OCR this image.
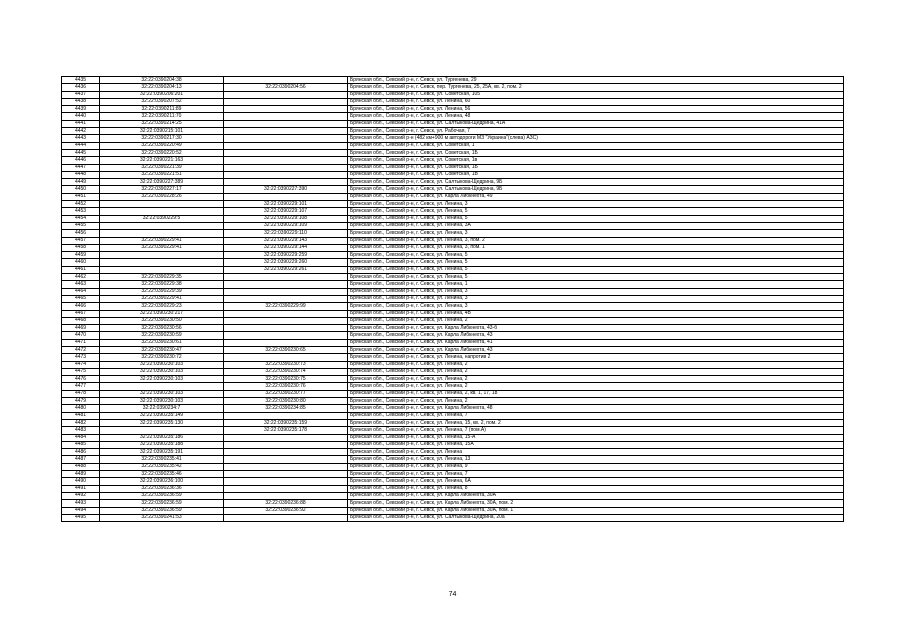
4435	32:22:0390204:38		Брянская обл., Севский р-н, г. Севск, ул. Тургенева, 29
4436	32:22:0390204:13	32:22:0390204:56	Брянская обл., Севский р-н, г. Севск, пер. Тургенева, 25, 25А, кв. 2, пом. 2
4437	32:22:0390206:201		Брянская обл., Севский р-н, г. Севск, ул. Советская, 105
4438	32:22:0390207:52		Брянская обл., Севский р-н, г. Севск, ул. Ленина, 60
4439	32:22:0390211:89		Брянская обл., Севский р-н, г. Севск, ул. Ленина, 56
4440	32:22:0390211:70		Брянская обл., Севский р-н, г. Севск, ул. Ленина, 48
4441	32:22:0390214:25		Брянская обл., Севский р-н, г. Севск, ул. Салтыкова-Щедрина, 41А
4442	32:22:0390215:101		Брянская обл., Севский р-н, г. Севск, ул. Рабочая, 7
4443	32:22:0390217:30		Брянская обл., Севский р-н (482 км+900 м автодороги МЗ "Украина"(слева) АЗС)
4444	32:22:0390220:49		Брянская обл., Севский р-н, г. Севск, ул. Советская, 1
4445	32:22:0390220:52		Брянская обл., Севский р-н, г. Севск, ул. Советская, 1Б
4446	32:22:0390221:163		Брянская обл., Севский р-н, г. Севск, ул. Советская, 1в
4447	32:22:0390221:39		Брянская обл., Севский р-н, г. Севск, ул. Советская, 1Б
4448	32:22:0390221:51		Брянская обл., Севский р-н, г. Севск, ул. Советская, 1В
4449	32:22:0390227:389		Брянская обл., Севский р-н, г. Севск, ул. Салтыкова-Щедрина, 9Б
4450	32:22:0390227:17	32:22:0390227:390	Брянская обл., Севский р-н, г. Севск, ул. Салтыкова-Щедрина, 9Б
4451	32:22:0390228:26		Брянская обл., Севский р-н, г. Севск, ул. Карла Либкнехта, 49
4452		32:22:0390229:101	Брянская обл., Севский р-н, г. Севск, ул. Ленина, 3
4453		32:22:0390229:107	Брянская обл., Севский р-н, г. Севск, ул. Ленина, 5
4454	32:22:0390229:5	32:22:0390229:108	Брянская обл., Севский р-н, г. Севск, ул. Ленина, 5
4455		32:22:0390229:109	Брянская обл., Севский р-н, г. Севск, ул. Ленина, 3А
4456		32:22:0390229:110	Брянская обл., Севский р-н, г. Севск, ул. Ленина, 3
4457	32:22:0390229:41	32:22:0390229:143	Брянская обл., Севский р-н, г. Севск, ул. Ленина, 3, пом. 2
4458	32:22:0390229:41	32:22:0390229:144	Брянская обл., Севский р-н, г. Севск, ул. Ленина, 3, пом. 1
4459		32:22:0390229:259	Брянская обл., Севский р-н, г. Севск, ул. Ленина, 5
4460		32:22:0390229:260	Брянская обл., Севский р-н, г. Севск, ул. Ленина, 5
4461		32:22:0390229:261	Брянская обл., Севский р-н, г. Севск, ул. Ленина, 5
4462	32:22:0390229:35		Брянская обл., Севский р-н, г. Севск, ул. Ленина, 5
4463	32:22:0390229:38		Брянская обл., Севский р-н, г. Севск, ул. Ленина, 1
4464	32:22:0390229:39		Брянская обл., Севский р-н, г. Севск, ул. Ленина, 3
4465	32:22:0390229:41		Брянская обл., Севский р-н, г. Севск, ул. Ленина, 3
4466	32:22:0390229:23	32:22:0390229:99	Брянская обл., Севский р-н, г. Севск, ул. Ленина, 3
4467	32:22:0390230:217		Брянская обл., Севский р-н, г. Севск, ул. Ленина, 4В
4468	32:22:0390230:50		Брянская обл., Севский р-н, г. Севск, ул. Ленина, 2
4469	32:22:0390230:56		Брянская обл., Севский р-н, г. Севск, ул. Карла Либкнехта, 43-б
4470	32:22:0390230:59		Брянская обл., Севский р-н, г. Севск, ул. Карла Либкнехта, 43
4471	32:22:0390230:61		Брянская обл., Севский р-н, г. Севск, ул. Карла Либкнехта, 41
4472	32:22:0390230:47	32:22:0390230:65	Брянская обл., Севский р-н, г. Севск, ул. Карла Либкнехта, 43
4473	32:22:0390230:72		Брянская обл., Севский р-н, г. Севск, ул. Ленина, напротив 2
4474	32:22:0390230:103	32:22:0390230:73	Брянская обл., Севский р-н, г. Севск, ул. Ленина, 2
4475	32:22:0390230:103	32:22:0390230:74	Брянская обл., Севский р-н, г. Севск, ул. Ленина, 2
4476	32:22:0390230:103	32:22:0390230:75	Брянская обл., Севский р-н, г. Севск, ул. Ленина, 2
4477		32:22:0390230:76	Брянская обл., Севский р-н, г. Севск, ул. Ленина, 2
4478	32:22:0390230:103	32:22:0390230:77	Брянская обл., Севский р-н, г. Севск, ул. Ленина, 2, кв. 1, 17, 18
4479	32:22:0390230:103	32:22:0390230:80	Брянская обл., Севский р-н, г. Севск, ул. Ленина, 2
4480	32:22:0390234:7	32:22:0390234:85	Брянская обл., Севский р-н, г. Севск, ул. Карла Либкнехта, 48
4481	32:22:0390235:149		Брянская обл., Севский р-н, г. Севск, ул. Ленина, 7
4482	32:22:0390235:130	32:22:0390235:159	Брянская обл., Севский р-н, г. Севск, ул. Ленина, 15, кв. 2, пом. 2
4483		32:22:0390235:178	Брянская обл., Севский р-н, г. Севск, ул. Ленина, 7 (пом.А)
4484	32:22:0390235:186		Брянская обл., Севский р-н, г. Севск, ул. Ленина, 15-А
4485	32:22:0390235:188		Брянская обл., Севский р-н, г. Севск, ул. Ленина, 15А
4486	32:22:0390235:191		Брянская обл., Севский р-н, г. Севск, ул. Ленина
4487	32:22:0390235:41		Брянская обл., Севский р-н, г. Севск, ул. Ленина, 13
4488	32:22:0390235:42		Брянская обл., Севский р-н, г. Севск, ул. Ленина, 9
4489	32:22:0390235:46		Брянская обл., Севский р-н, г. Севск, ул. Ленина, 7
4490	32:22:0390236:100		Брянская обл., Севский р-н, г. Севск, ул. Ленина, 6А
4491	32:22:0390236:36		Брянская обл., Севский р-н, г. Севск, ул. Ленина, 8
4492	32:22:0390236:59		Брянская обл., Севский р-н, г. Севск, ул. Карла Либкнехта, 30А
4493	32:22:0390236:59	32:22:0390236:88	Брянская обл., Севский р-н, г. Севск, ул. Карла Либкнехта, 30А, пом. 2
4494	32:22:0390236:59	32:22:0390236:92	Брянская обл., Севский р-н, г. Севск, ул. Карла Либкнехта, 30А, пом. 1
4495	32:22:0390241:53		Брянская обл., Севский р-н, г. Севск, ул. Салтыкова-Щедрина, 20а
74
